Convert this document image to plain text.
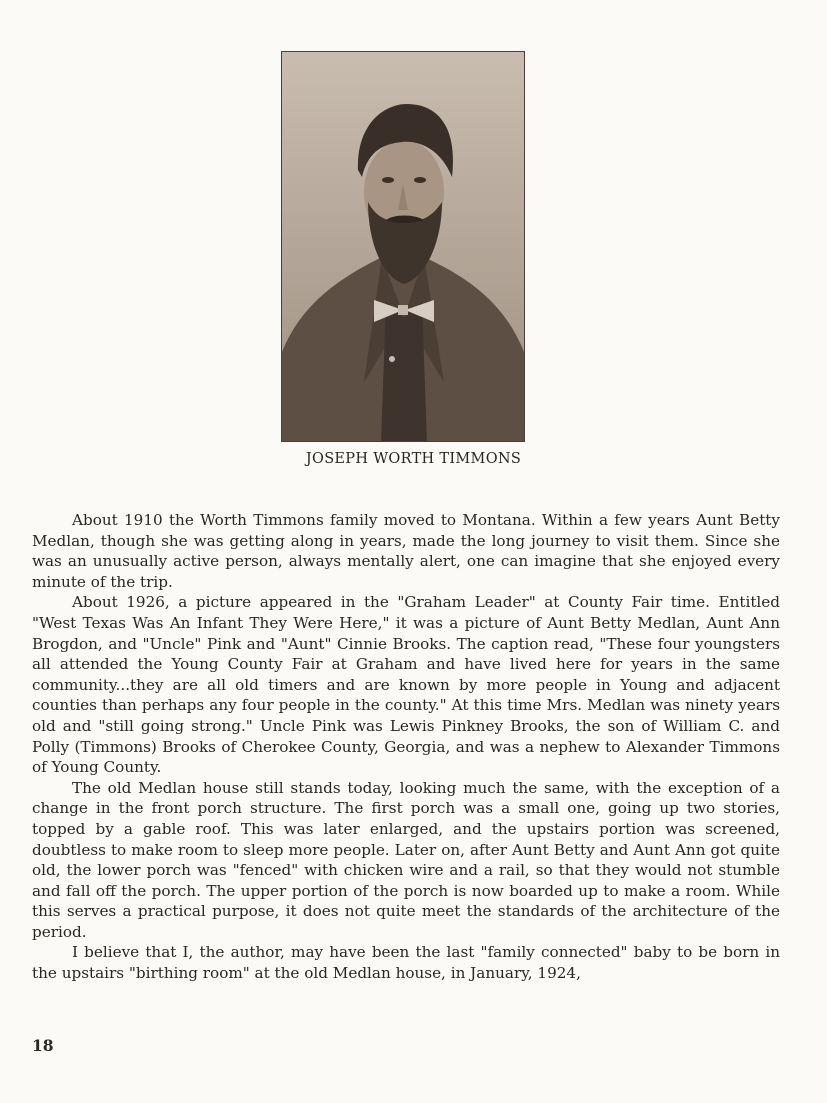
JOSEPH WORTH TIMMONS

About 1910 the Worth Timmons family moved to Montana. Within a few years Aunt Betty Medlan, though she was getting along in years, made the long journey to visit them. Since she was an unusually active person, always mentally alert, one can imagine that she enjoyed every minute of the trip.

About 1926, a picture appeared in the "Graham Leader" at County Fair time. Entitled "West Texas Was An Infant They Were Here," it was a picture of Aunt Betty Medlan, Aunt Ann Brogdon, and "Uncle" Pink and "Aunt" Cinnie Brooks. The caption read, "These four youngsters all attended the Young County Fair at Graham and have lived here for years in the same community...they are all old timers and are known by more people in Young and adjacent counties than perhaps any four people in the county." At this time Mrs. Medlan was ninety years old and "still going strong." Uncle Pink was Lewis Pinkney Brooks, the son of William C. and Polly (Timmons) Brooks of Cherokee County, Georgia, and was a nephew to Alexander Timmons of Young County.

The old Medlan house still stands today, looking much the same, with the exception of a change in the front porch structure. The first porch was a small one, going up two stories, topped by a gable roof. This was later enlarged, and the upstairs portion was screened, doubtless to make room to sleep more people. Later on, after Aunt Betty and Aunt Ann got quite old, the lower porch was "fenced" with chicken wire and a rail, so that they would not stumble and fall off the porch. The upper portion of the porch is now boarded up to make a room. While this serves a practical purpose, it does not quite meet the standards of the architecture of the period.

I believe that I, the author, may have been the last "family connected" baby to be born in the upstairs "birthing room" at the old Medlan house, in January, 1924,

18
